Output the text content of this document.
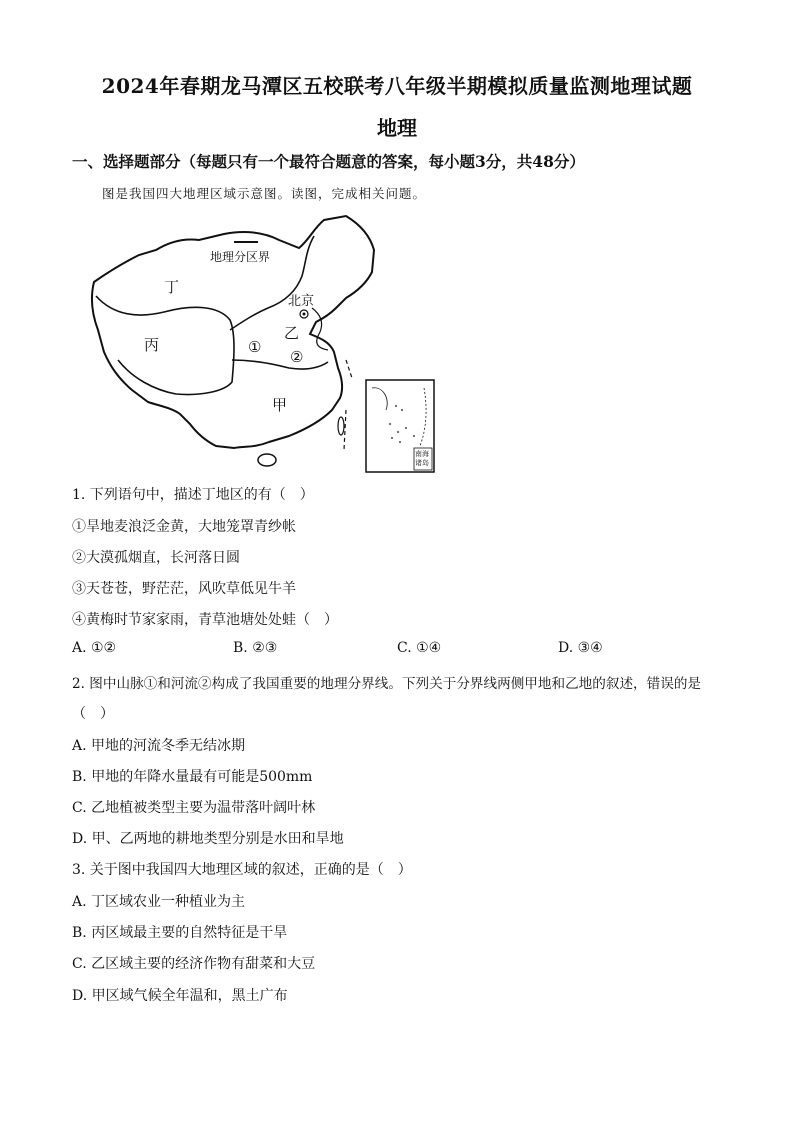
2024年春期龙马潭区五校联考八年级半期模拟质量监测地理试题
地理
一、选择题部分（每题只有一个最符合题意的答案，每小题3分，共48分）
图是我国四大地理区域示意图。读图，完成相关问题。
地理分区界
北京
丁
丙
乙
甲
①
②
南海诸岛
1. 下列语句中，描述丁地区的有（　）
①旱地麦浪泛金黄，大地笼罩青纱帐
②大漠孤烟直，长河落日圆
③天苍苍，野茫茫，风吹草低见牛羊
④黄梅时节家家雨，青草池塘处处蛙（　）
A. ①②	B. ②③	C. ①④	D. ③④
2. 图中山脉①和河流②构成了我国重要的地理分界线。下列关于分界线两侧甲地和乙地的叙述，错误的是
（　）
A. 甲地的河流冬季无结冰期
B. 甲地的年降水量最有可能是500mm
C. 乙地植被类型主要为温带落叶阔叶林
D. 甲、乙两地的耕地类型分别是水田和旱地
3. 关于图中我国四大地理区域的叙述，正确的是（　）
A. 丁区域农业一种植业为主
B. 丙区域最主要的自然特征是干旱
C. 乙区域主要的经济作物有甜菜和大豆
D. 甲区域气候全年温和，黑土广布
